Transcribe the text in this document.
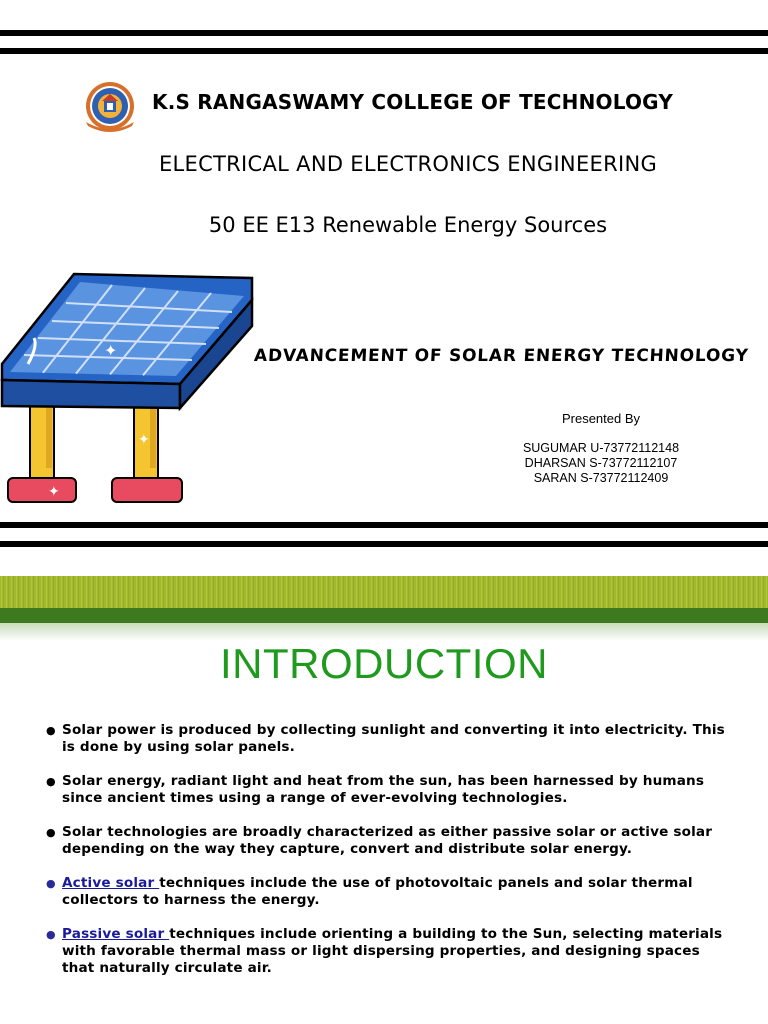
K.S RANGASWAMY COLLEGE OF TECHNOLOGY
ELECTRICAL AND ELECTRONICS ENGINEERING
50 EE E13 Renewable Energy Sources
✦
✦
✦	ADVANCEMENT OF SOLAR ENERGY TECHNOLOGY
Presented By
SUGUMAR U-73772112148
DHARSAN S-73772112107
SARAN S-73772112409
INTRODUCTION
● Solar power is produced by collecting sunlight and converting it into electricity. This is done by using solar panels.
● Solar energy, radiant light and heat from the sun, has been harnessed by humans since ancient times using a range of ever-evolving technologies.
● Solar technologies are broadly characterized as either passive solar or active solar depending on the way they capture, convert and distribute solar energy.
● Active solar techniques include the use of photovoltaic panels and solar thermal collectors to harness the energy.
● Passive solar techniques include orienting a building to the Sun, selecting materials with favorable thermal mass or light dispersing properties, and designing spaces that naturally circulate air.
